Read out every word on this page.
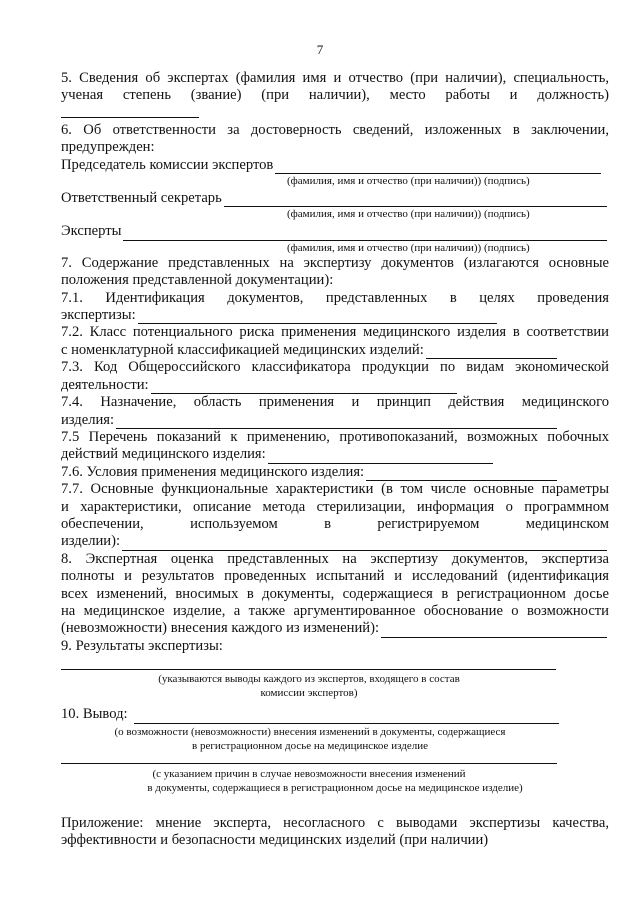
7
5. Сведения об экспертах (фамилия имя и отчество (при наличии), специальность,
ученая степень (звание) (при наличии), место работы и должность)
6. Об ответственности за достоверность сведений, изложенных в заключении,
предупрежден:
Председатель комиссии экспертов
(фамилия, имя и отчество (при наличии)) (подпись)
Ответственный секретарь
(фамилия, имя и отчество (при наличии)) (подпись)
Эксперты
(фамилия, имя и отчество (при наличии)) (подпись)
7. Содержание представленных на экспертизу документов (излагаются основные
положения представленной документации):
7.1. Идентификация документов, представленных в целях проведения
экспертизы:
7.2. Класс потенциального риска применения медицинского изделия в соответствии
с номенклатурной классификацией медицинских изделий:
7.3. Код Общероссийского классификатора продукции по видам экономической
деятельности:
7.4. Назначение, область применения и принцип действия медицинского
изделия:
7.5 Перечень показаний к применению, противопоказаний, возможных побочных
действий медицинского изделия:
7.6. Условия применения медицинского изделия:
7.7. Основные функциональные характеристики (в том числе основные параметры
и характеристики, описание метода стерилизации, информация о программном
обеспечении, используемом в регистрируемом медицинском
изделии):
8. Экспертная оценка представленных на экспертизу документов, экспертиза
полноты и результатов проведенных испытаний и исследований (идентификация
всех изменений, вносимых в документы, содержащиеся в регистрационном досье
на медицинское изделие, а также аргументированное обоснование о возможности
(невозможности) внесения каждого из изменений):
9. Результаты экспертизы:
(указываются выводы каждого из экспертов, входящего в состав
комиссии экспертов)
10. Вывод:
(о возможности (невозможности) внесения изменений в документы, содержащиеся
в регистрационном досье на медицинское изделие
(с указанием причин в случае невозможности внесения изменений
в документы, содержащиеся в регистрационном досье на медицинское изделие)
Приложение: мнение эксперта, несогласного с выводами экспертизы качества,
эффективности и безопасности медицинских изделий (при наличии)
